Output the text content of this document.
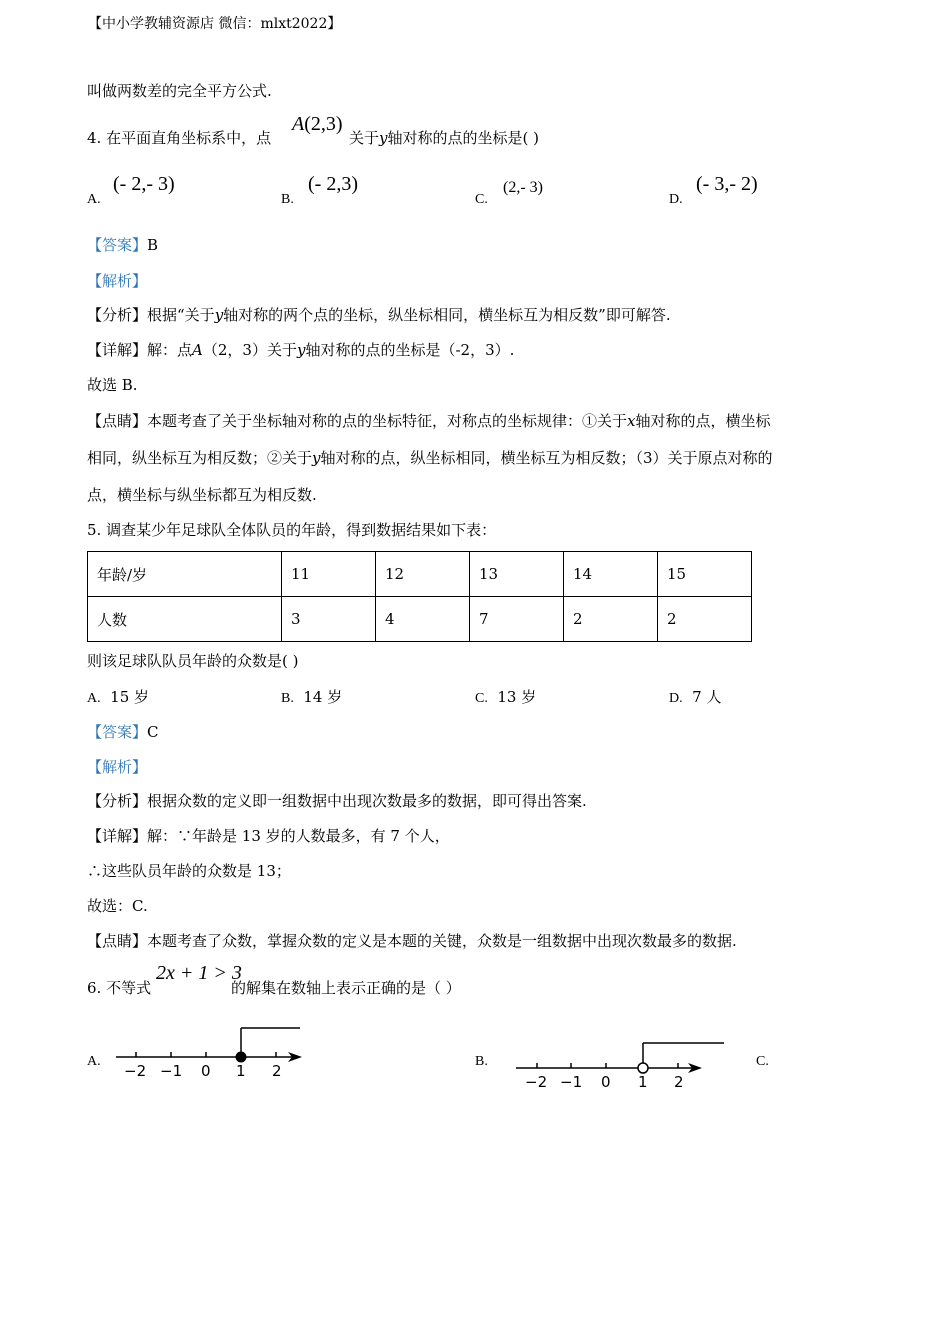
【中小学教辅资源店 微信：mlxt2022】
叫做两数差的完全平方公式.
4. 在平面直角坐标系中，点
A(2,3)
关于y轴对称的点的坐标是( )
A.
(- 2,- 3)
B.
(- 2,3)
C.
(2,- 3)
D.
(- 3,- 2)
【答案】B
【解析】
【分析】根据“关于y轴对称的两个点的坐标，纵坐标相同，横坐标互为相反数”即可解答.
【详解】解：点A（2，3）关于y轴对称的点的坐标是（-2，3）.
故选 B.
【点睛】本题考查了关于坐标轴对称的点的坐标特征，对称点的坐标规律：①关于x轴对称的点，横坐标
相同，纵坐标互为相反数；②关于y轴对称的点，纵坐标相同，横坐标互为相反数；（3）关于原点对称的
点，横坐标与纵坐标都互为相反数.
5. 调查某少年足球队全体队员的年龄，得到数据结果如下表：
年龄/岁	11	12	13	14	15
人数	3	4	7	2	2
则该足球队队员年龄的众数是( )
A. 15 岁	B. 14 岁	C. 13 岁	D. 7 人
【答案】C
【解析】
【分析】根据众数的定义即一组数据中出现次数最多的数据，即可得出答案.
【详解】解：∵年龄是 13 岁的人数最多，有 7 个人，
∴这些队员年龄的众数是 13；
故选：C.
【点睛】本题考查了众数，掌握众数的定义是本题的关键，众数是一组数据中出现次数最多的数据.
6. 不等式
2x + 1 > 3
的解集在数轴上表示正确的是（ ）
A.
−2 −1 0 1 2
B.
−2 −1 0 1 2
C.
